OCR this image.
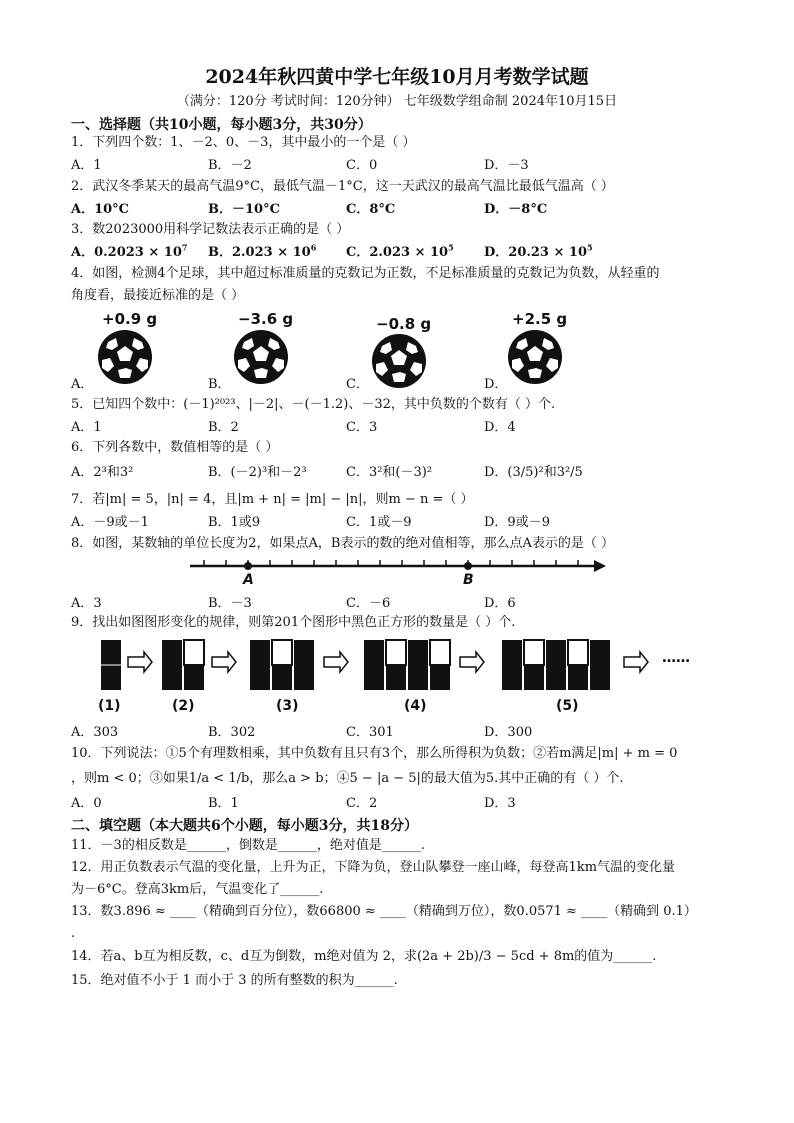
2024年秋四黄中学七年级10月月考数学试题
（满分：120分 考试时间：120分钟） 七年级数学组命制 2024年10月15日
一、选择题（共10小题，每小题3分，共30分）
1．下列四个数：1、－2、0、－3，其中最小的一个是（ ）
A．1	B．－2	C．0	D．－3
2．武汉冬季某天的最高气温9°C，最低气温－1°C，这一天武汉的最高气温比最低气温高（ ）
A．10°C	B．－10°C	C．8°C	D．－8°C
3．数2023000用科学记数法表示正确的是（ ）
A．$0.2023 \times 10^7$ B．$2.023 \times 10^6$ C．$2.023 \times 10^5$ D．$20.23 \times 10^5$
4．如图，检测4个足球，其中超过标准质量的克数记为正数，不足标准质量的克数记为负数，从轻重的
角度看，最接近标准的是（ ）
+0.9 g	−3.6 g	−0.8 g	+2.5 g
A．	B．	C．	D．
5．已知四个数中：(－1)²⁰²³、|－2|、－(－1.2)、－32，其中负数的个数有（ ）个.
A．1	B．2	C．3	D．4
6．下列各数中，数值相等的是（ ）
A．2³和3²	B．(－2)³和－2³	C．3²和(－3)²	D．(3/5)²和3²/5
7．若|m| = 5，|n| = 4，且|m + n| = |m| − |n|，则m − n =（ ）
A．－9或－1	B．1或9	C．1或－9	D．9或－9
8．如图，某数轴的单位长度为2，如果点A，B表示的数的绝对值相等，那么点A表示的是（ ）
A	B
A．3	B．－3	C．－6	D．6
9．找出如图图形变化的规律，则第201个图形中黑色正方形的数量是（ ）个.
(1)	(2)	(3)	(4)	(5)
……
A．303	B．302	C．301	D．300
10．下列说法：①5个有理数相乘，其中负数有且只有3个，那么所得积为负数；②若m满足|m| + m = 0
，则m < 0；③如果1/a < 1/b，那么a > b；④5 − |a − 5|的最大值为5.其中正确的有（ ）个.
A．0	B．1	C．2	D．3
二、填空题（本大题共6个小题，每小题3分，共18分）
11．－3的相反数是______，倒数是______，绝对值是______.
12．用正负数表示气温的变化量，上升为正，下降为负，登山队攀登一座山峰，每登高1km气温的变化量
为－6°C。登高3km后，气温变化了______.
13．数3.896 ≈ ____（精确到百分位），数66800 ≈ ____（精确到万位），数0.0571 ≈ ____（精确到 0.1）
.
14．若a、b互为相反数，c、d互为倒数，m绝对值为 2，求(2a + 2b)/3 − 5cd + 8m的值为______.
15．绝对值不小于 1 而小于 3 的所有整数的积为______.
